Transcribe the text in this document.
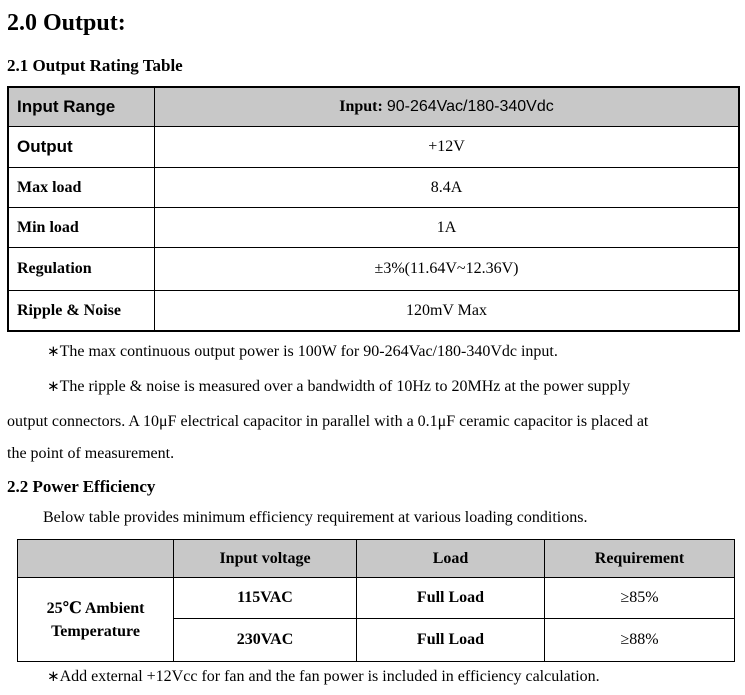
2.0 Output:
2.1 Output Rating Table
Input Range	Input: 90-264Vac/180-340Vdc
Output	+12V
Max load	8.4A
Min load	1A
Regulation	±3%(11.64V~12.36V)
Ripple & Noise	120mV Max
∗The max continuous output power is 100W for 90-264Vac/180-340Vdc input.
∗The ripple & noise is measured over a bandwidth of 10Hz to 20MHz at the power supply
output connectors. A 10μF electrical capacitor in parallel with a 0.1μF ceramic capacitor is placed at
the point of measurement.
2.2 Power Efficiency
Below table provides minimum efficiency requirement at various loading conditions.
	Input voltage	Load	Requirement
25℃ Ambient
Temperature	115VAC	Full Load	≥85%
	230VAC	Full Load	≥88%
∗Add external +12Vcc for fan and the fan power is included in efficiency calculation.
